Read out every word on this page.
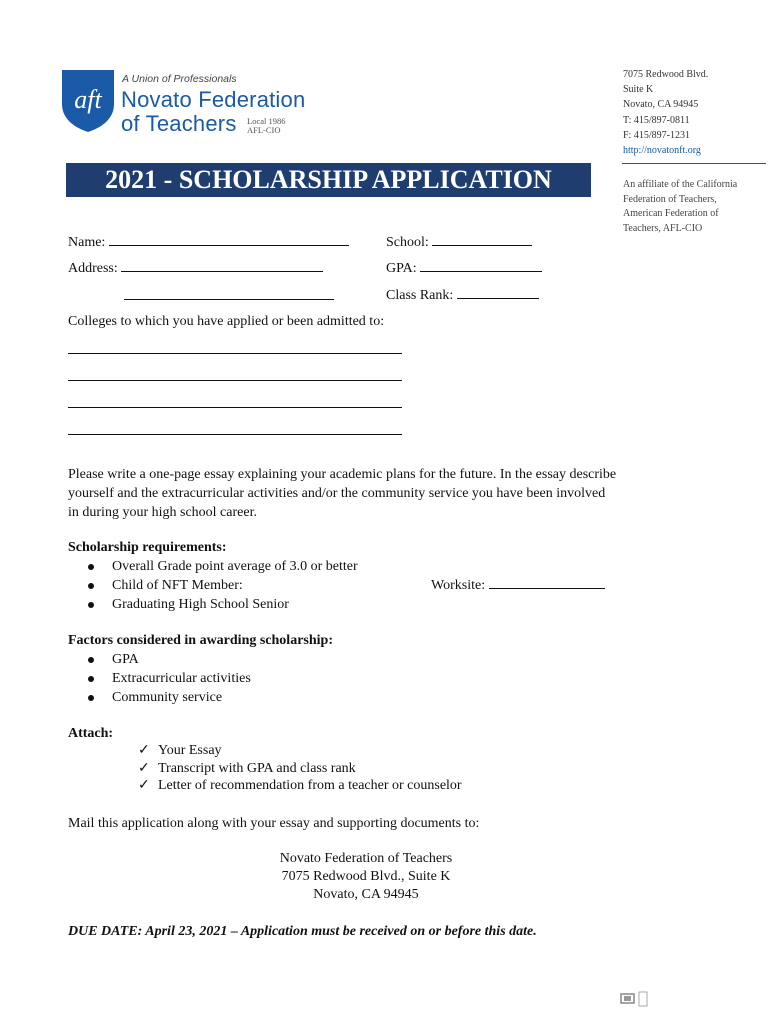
aft
A Union of Professionals
Novato Federation
of Teachers Local 1986
AFL-CIO
7075 Redwood Blvd.
Suite K
Novato, CA 94945
T: 415/897-0811
F: 415/897-1231
http://novatonft.org
An affiliate of the California
Federation of Teachers,
American Federation of
Teachers, AFL-CIO
2021 - SCHOLARSHIP APPLICATION
Name:	School:
Address:	GPA:
Class Rank:
Colleges to which you have applied or been admitted to:
Please write a one-page essay explaining your academic plans for the future. In the essay describe
yourself and the extracurricular activities and/or the community service you have been involved
in during your high school career.
Scholarship requirements:
Overall Grade point average of 3.0 or better
Child of NFT Member:
Graduating High School Senior
Worksite:
Factors considered in awarding scholarship:
GPA
Extracurricular activities
Community service
Attach:
✓ Your Essay
✓ Transcript with GPA and class rank
✓ Letter of recommendation from a teacher or counselor
Mail this application along with your essay and supporting documents to:
Novato Federation of Teachers
7075 Redwood Blvd., Suite K
Novato, CA 94945
DUE DATE: April 23, 2021 – Application must be received on or before this date.
